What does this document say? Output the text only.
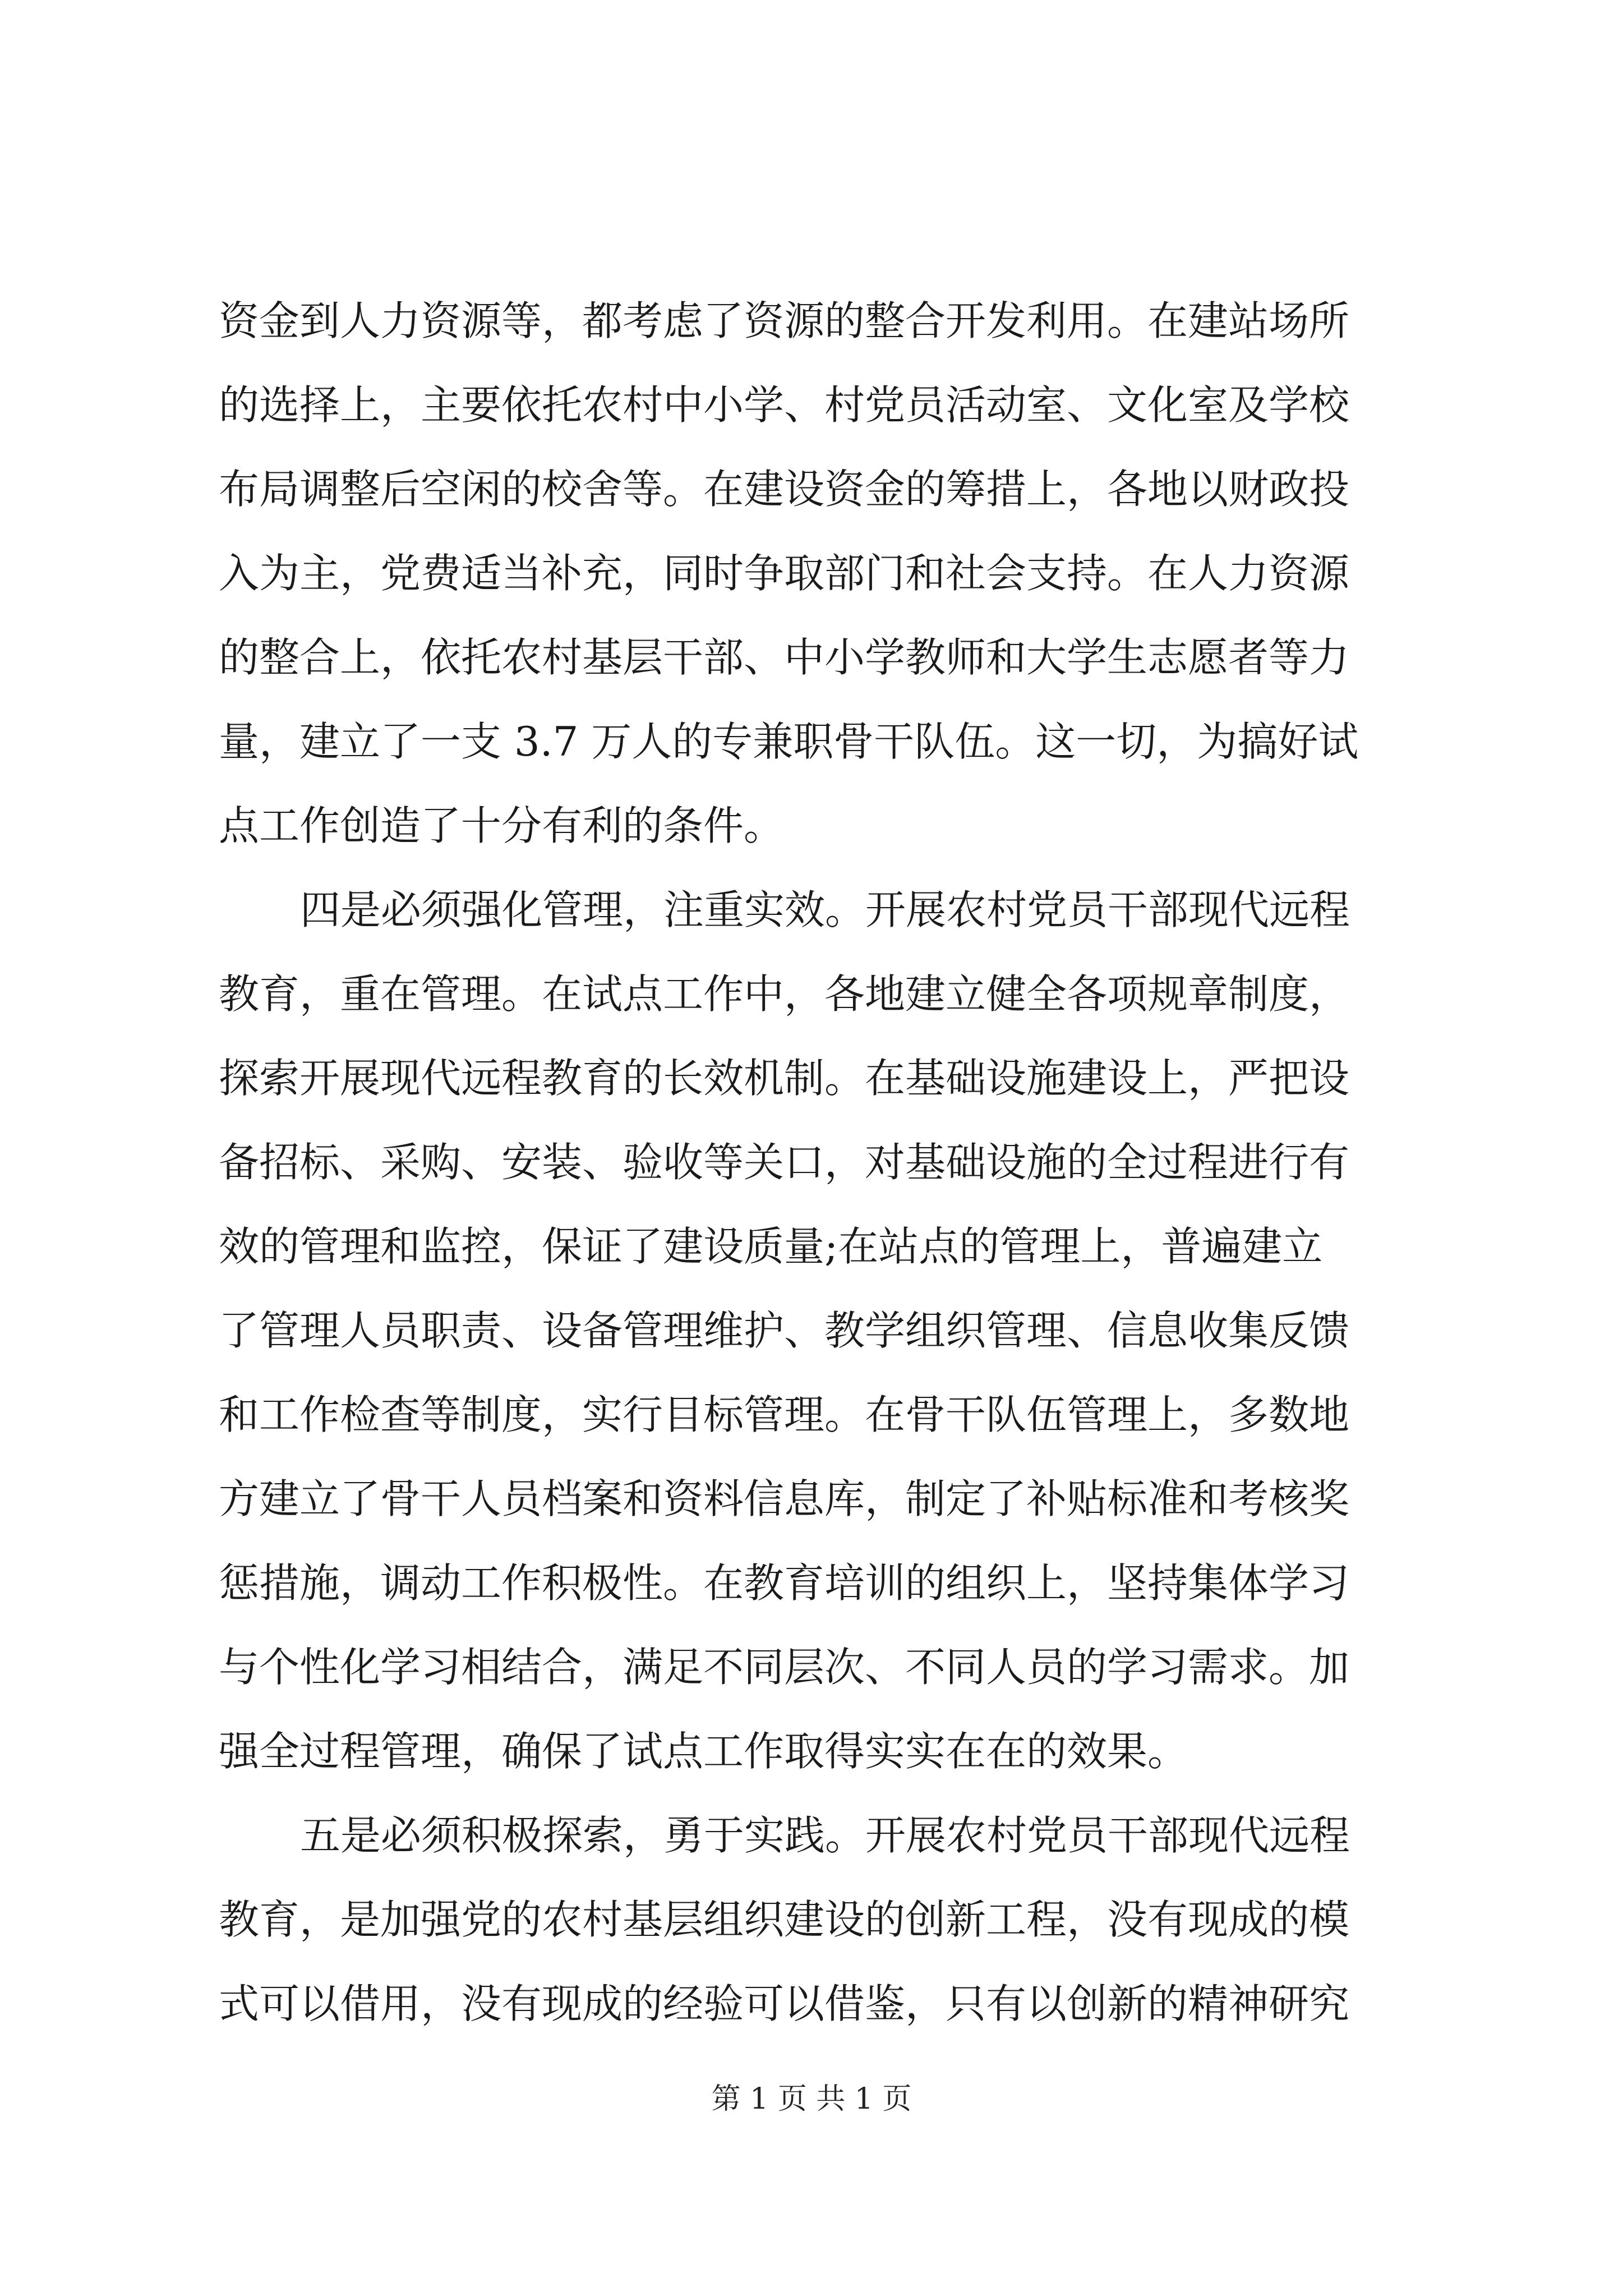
资金到人力资源等，都考虑了资源的整合开发利用。在建站场所
的选择上，主要依托农村中小学、村党员活动室、文化室及学校
布局调整后空闲的校舍等。在建设资金的筹措上，各地以财政投
入为主，党费适当补充，同时争取部门和社会支持。在人力资源
的整合上，依托农村基层干部、中小学教师和大学生志愿者等力
量，建立了一支 3.7 万人的专兼职骨干队伍。这一切，为搞好试
点工作创造了十分有利的条件。
四是必须强化管理，注重实效。开展农村党员干部现代远程
教育，重在管理。在试点工作中，各地建立健全各项规章制度，
探索开展现代远程教育的长效机制。在基础设施建设上，严把设
备招标、采购、安装、验收等关口，对基础设施的全过程进行有
效的管理和监控，保证了建设质量;在站点的管理上，普遍建立
了管理人员职责、设备管理维护、教学组织管理、信息收集反馈
和工作检查等制度，实行目标管理。在骨干队伍管理上，多数地
方建立了骨干人员档案和资料信息库，制定了补贴标准和考核奖
惩措施，调动工作积极性。在教育培训的组织上，坚持集体学习
与个性化学习相结合，满足不同层次、不同人员的学习需求。加
强全过程管理，确保了试点工作取得实实在在的效果。
五是必须积极探索，勇于实践。开展农村党员干部现代远程
教育，是加强党的农村基层组织建设的创新工程，没有现成的模
式可以借用，没有现成的经验可以借鉴，只有以创新的精神研究
第 1 页 共 1 页
